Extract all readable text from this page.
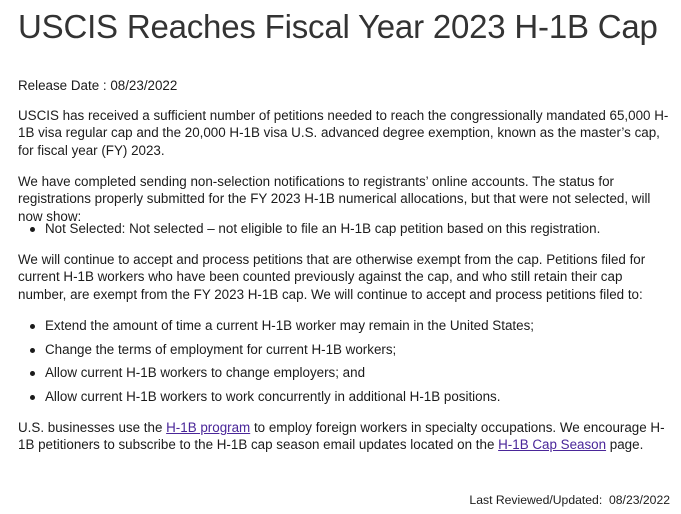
USCIS Reaches Fiscal Year 2023 H-1B Cap

Release Date : 08/23/2022

USCIS has received a sufficient number of petitions needed to reach the congressionally mandated 65,000 H-1B visa regular cap and the 20,000 H-1B visa U.S. advanced degree exemption, known as the master’s cap, for fiscal year (FY) 2023.

We have completed sending non-selection notifications to registrants’ online accounts. The status for registrations properly submitted for the FY 2023 H-1B numerical allocations, but that were not selected, will now show:

Not Selected: Not selected – not eligible to file an H-1B cap petition based on this registration.

We will continue to accept and process petitions that are otherwise exempt from the cap. Petitions filed for current H-1B workers who have been counted previously against the cap, and who still retain their cap number, are exempt from the FY 2023 H-1B cap. We will continue to accept and process petitions filed to:

Extend the amount of time a current H-1B worker may remain in the United States;
Change the terms of employment for current H-1B workers;
Allow current H-1B workers to change employers; and
Allow current H-1B workers to work concurrently in additional H-1B positions.

U.S. businesses use the H-1B program to employ foreign workers in specialty occupations. We encourage H-1B petitioners to subscribe to the H-1B cap season email updates located on the H-1B Cap Season page.

Last Reviewed/Updated: 08/23/2022
